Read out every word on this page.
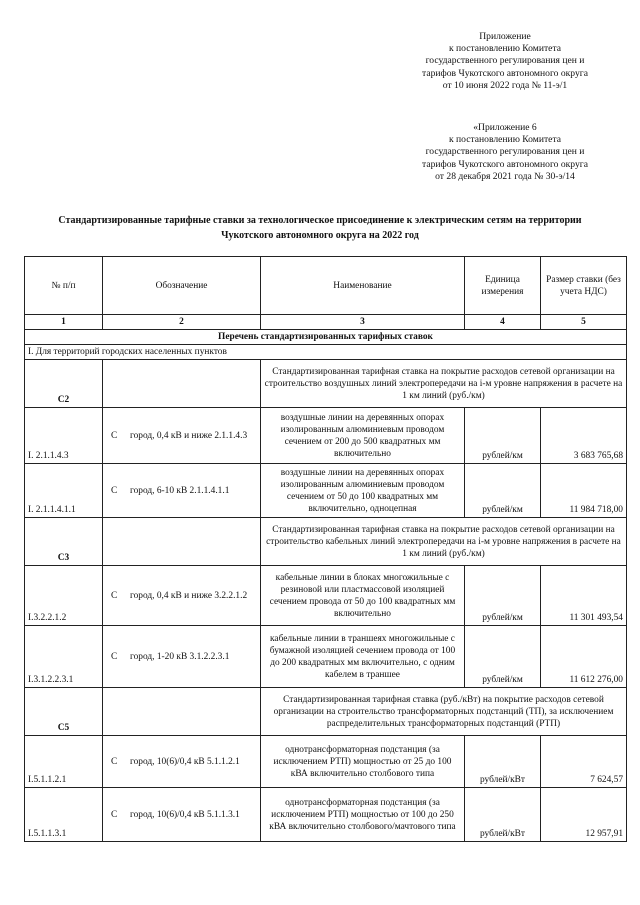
Приложение
к постановлению Комитета
государственного регулирования цен и
тарифов Чукотского автономного округа
от 10 июня 2022 года № 11-э/1
«Приложение 6
к постановлению Комитета
государственного регулирования цен и
тарифов Чукотского автономного округа
от 28 декабря 2021 года № 30-э/14
Стандартизированные тарифные ставки за технологическое присоединение к электрическим сетям на территории
Чукотского автономного округа на 2022 год
№ п/п	Обозначение	Наименование	Единица измерения	Размер ставки (без учета НДС)
1	2	3	4	5
Перечень стандартизированных тарифных ставок				
I. Для территорий городских населенных пунктов				
C2		Стандартизированная тарифная ставка на покрытие расходов сетевой организации на строительство воздушных линий электропередачи на i-м уровне напряжения в расчете на 1 км линий (руб./км)		
I. 2.1.1.4.3	С город, 0,4 кВ и ниже 2.1.1.4.3	воздушные линии на деревянных опорах изолированным алюминиевым проводом сечением от 200 до 500 квадратных мм включительно	рублей/км	3 683 765,68
I. 2.1.1.4.1.1	С город, 6-10 кВ 2.1.1.4.1.1	воздушные линии на деревянных опорах изолированным алюминиевым проводом сечением от 50 до 100 квадратных мм включительно, одноцепная	рублей/км	11 984 718,00
C3		Стандартизированная тарифная ставка на покрытие расходов сетевой организации на строительство кабельных линий электропередачи на i-м уровне напряжения в расчете на 1 км линий (руб./км)		
I.3.2.2.1.2	С город, 0,4 кВ и ниже 3.2.2.1.2	кабельные линии в блоках многожильные с резиновой или пластмассовой изоляцией сечением провода от 50 до 100 квадратных мм включительно	рублей/км	11 301 493,54
I.3.1.2.2.3.1	С город, 1-20 кВ 3.1.2.2.3.1	кабельные линии в траншеях многожильные с бумажной изоляцией сечением провода от 100 до 200 квадратных мм включительно, с одним кабелем в траншее	рублей/км	11 612 276,00
C5		Стандартизированная тарифная ставка (руб./кВт) на покрытие расходов сетевой организации на строительство трансформаторных подстанций (ТП), за исключением распределительных трансформаторных подстанций (РТП)		
I.5.1.1.2.1	С город, 10(6)/0,4 кВ 5.1.1.2.1	однотрансформаторная подстанция (за исключением РТП) мощностью от 25 до 100 кВА включительно столбового типа	рублей/кВт	7 624,57
I.5.1.1.3.1	С город, 10(6)/0,4 кВ 5.1.1.3.1	однотрансформаторная подстанция (за исключением РТП) мощностью от 100 до 250 кВА включительно столбового/мачтового типа	рублей/кВт	12 957,91
